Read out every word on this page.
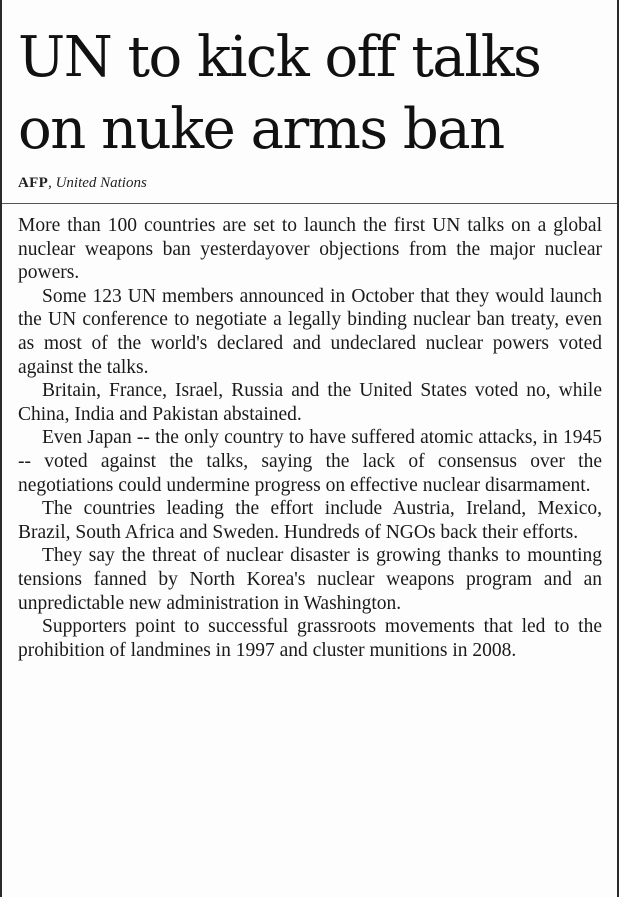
UN to kick off talks
on nuke arms ban
AFP, United Nations

More than 100 countries are set to launch the first UN talks on a global nuclear weapons ban yesterdayover objections from the major nuclear powers.

Some 123 UN members announced in October that they would launch the UN conference to negotiate a legally binding nuclear ban treaty, even as most of the world's declared and undeclared nuclear powers voted against the talks.

Britain, France, Israel, Russia and the United States voted no, while China, India and Pakistan abstained.

Even Japan -- the only country to have suffered atomic attacks, in 1945 -- voted against the talks, saying the lack of consensus over the negotiations could undermine progress on effective nuclear disarmament.

The countries leading the effort include Austria, Ireland, Mexico, Brazil, South Africa and Sweden. Hundreds of NGOs back their efforts.

They say the threat of nuclear disaster is growing thanks to mounting tensions fanned by North Korea's nuclear weapons program and an unpredictable new administration in Washington.

Supporters point to successful grassroots movements that led to the prohibition of landmines in 1997 and cluster munitions in 2008.
